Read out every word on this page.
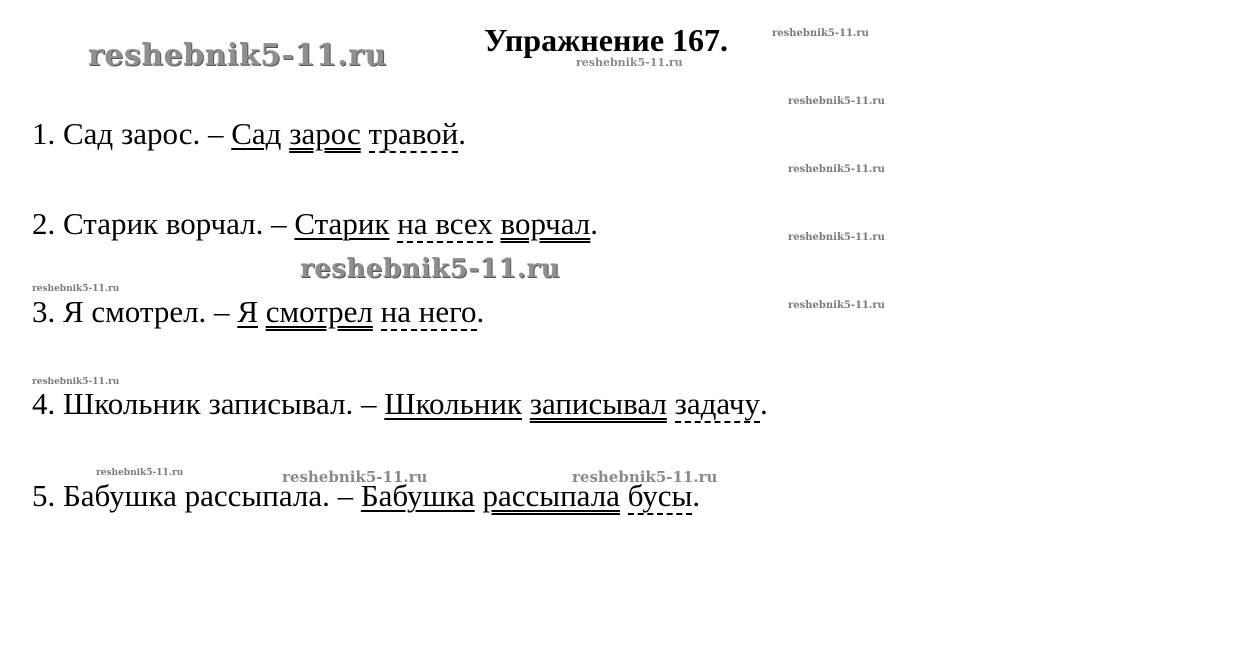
reshebnik5-11.ru	reshebnik5-11.ru
reshebnik5-11.ru
reshebnik5-11.ru
reshebnik5-11.ru
reshebnik5-11.ru
reshebnik5-11.ru
reshebnik5-11.ru
reshebnik5-11.ru
reshebnik5-11.ru
reshebnik5-11.ru	reshebnik5-11.ru	reshebnik5-11.ru
Упражнение 167.
1. Сад зарос. – Сад зарос травой.
2. Старик ворчал. – Старик на всех ворчал.
3. Я смотрел. – Я смотрел на него.
4. Школьник записывал. – Школьник записывал задачу.
5. Бабушка рассыпала. – Бабушка рассыпала бусы.
